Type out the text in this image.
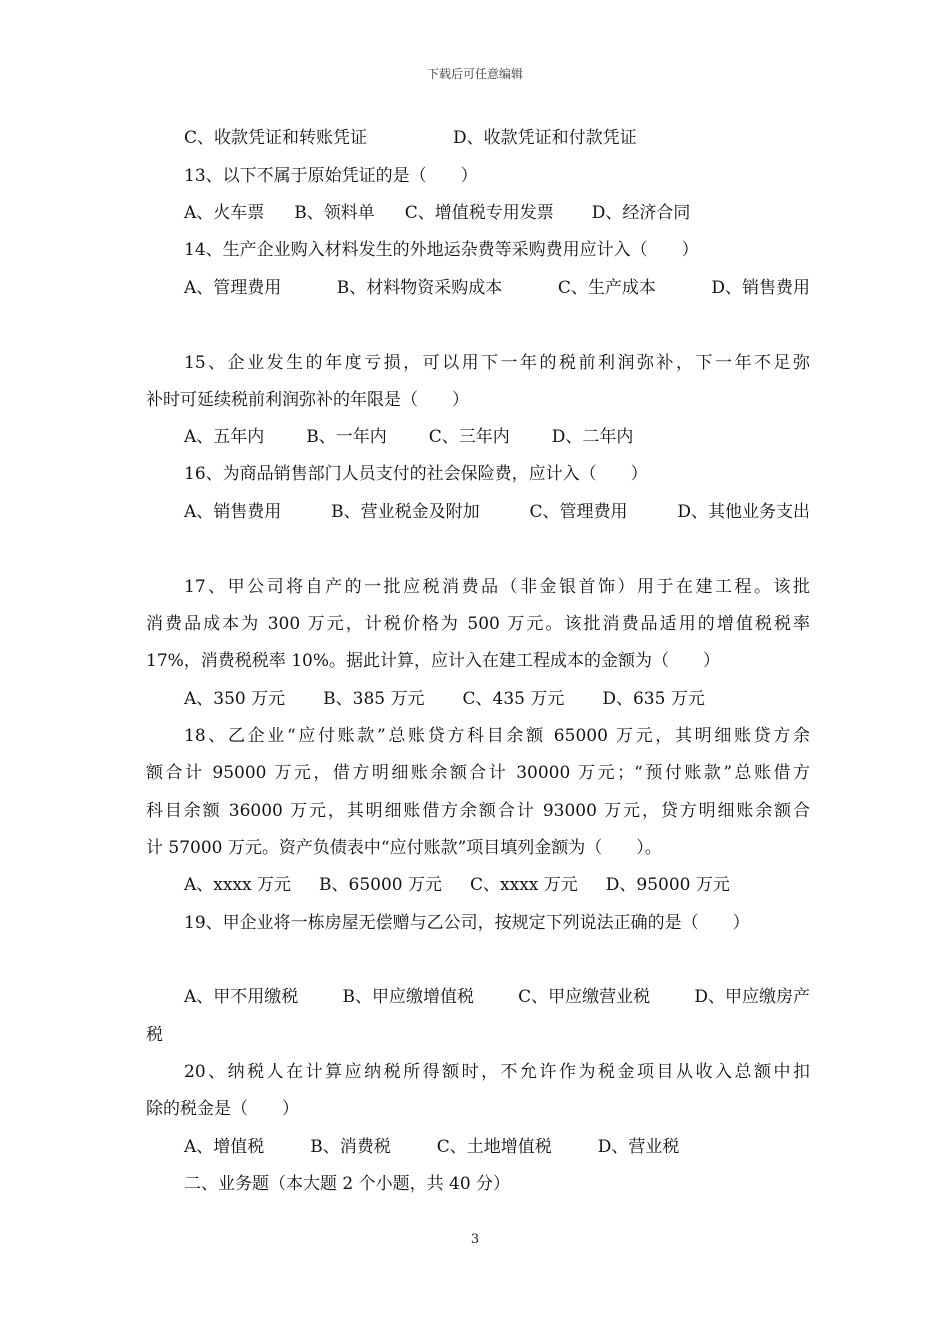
下载后可任意编辑
C、收款凭证和转账凭证	D、收款凭证和付款凭证
13、以下不属于原始凭证的是（　　）
A、火车票 B、领料单 C、增值税专用发票 D、经济合同
14、生产企业购入材料发生的外地运杂费等采购费用应计入（　　）
A、管理费用	B、材料物资采购成本	C、生产成本	D、销售费用
15、企业发生的年度亏损，可以用下一年的税前利润弥补，下一年不足弥
补时可延续税前利润弥补的年限是（　　）
A、五年内 B、一年内 C、三年内 D、二年内
16、为商品销售部门人员支付的社会保险费，应计入（　　）
A、销售费用	B、营业税金及附加	C、管理费用	D、其他业务支出
17、甲公司将自产的一批应税消费品（非金银首饰）用于在建工程。该批
消费品成本为 300 万元，计税价格为 500 万元。该批消费品适用的增值税税率
17%，消费税税率 10%。据此计算，应计入在建工程成本的金额为（　　）
A、350 万元 B、385 万元 C、435 万元 D、635 万元
18、乙企业“应付账款”总账贷方科目余额 65000 万元，其明细账贷方余
额合计 95000 万元，借方明细账余额合计 30000 万元；“预付账款”总账借方
科目余额 36000 万元，其明细账借方余额合计 93000 万元，贷方明细账余额合
计 57000 万元。资产负债表中“应付账款”项目填列金额为（　　）。
A、xxxx 万元 B、65000 万元 C、xxxx 万元 D、95000 万元
19、甲企业将一栋房屋无偿赠与乙公司，按规定下列说法正确的是（　　）
A、甲不用缴税	B、甲应缴增值税	C、甲应缴营业税	D、甲应缴房产
税
20、纳税人在计算应纳税所得额时，不允许作为税金项目从收入总额中扣
除的税金是（　　）
A、增值税	B、消费税	C、土地增值税	D、营业税
二、业务题（本大题 2 个小题，共 40 分）
3
